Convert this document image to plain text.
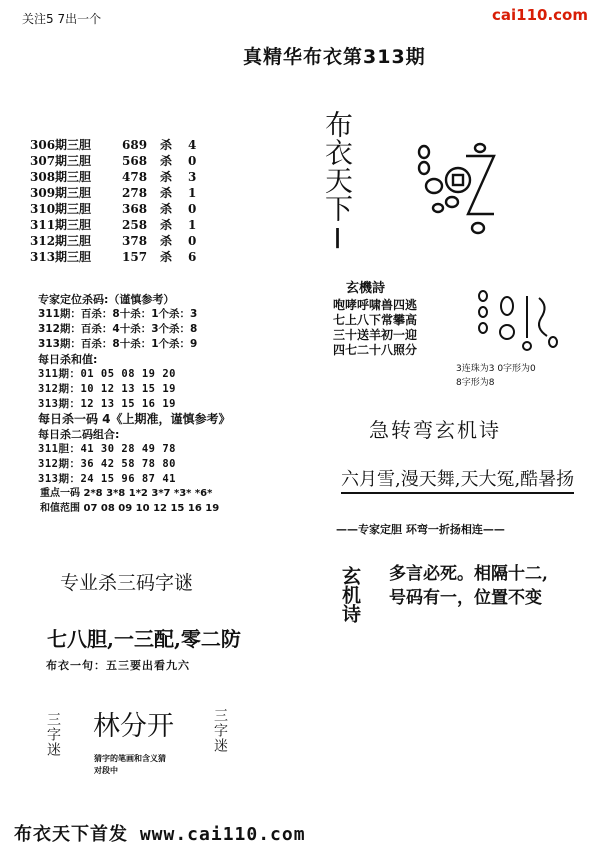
关注5 7出一个	cai110.com
真精华布衣第313期
306期三胆	689 杀	4
307期三胆	568 杀	0
308期三胆	478 杀	3
309期三胆	278 杀	1
310期三胆	368 杀	0
311期三胆	258 杀	1
312期三胆	378 杀	0
313期三胆	157 杀	6
专家定位杀码:（谨慎参考）
311期：百杀：8十杀：1个杀：3
312期：百杀：4十杀：3个杀：8
313期：百杀：8十杀：1个杀：9
每日杀和值:
311期：01 05 08 19 20
312期：10 12 13 15 19
313期：12 13 15 16 19
每日杀一码 4《上期准，谨慎参考》
每日杀二码组合:
311胆：41 30 28 49 78
312期：36 42 58 78 80
313期：24 15 96 87 41
重点一码 2*8 3*8 1*2 3*7 *3* *6*
和值范围 07 08 09 10 12 15 16 19
专业杀三码字谜
七八胆,一三配,零二防
布衣一句：五三要出看九六
三字迷 林分开
猜字的笔画和含义猜
对段中
三字迷
布衣天下I
玄機詩
咆哮呼啸兽四逃
七上八下常攀高
三十送羊初一迎
四七二十八照分
3连珠为3 0字形为0
8字形为8
急转弯玄机诗
六月雪,漫天舞,天大冤,酷暑扬
——专家定胆 环弯一折扬相连——
玄机诗 多言必死。相隔十二,
号码有一，位置不变
布衣天下首发 www.cai110.com
